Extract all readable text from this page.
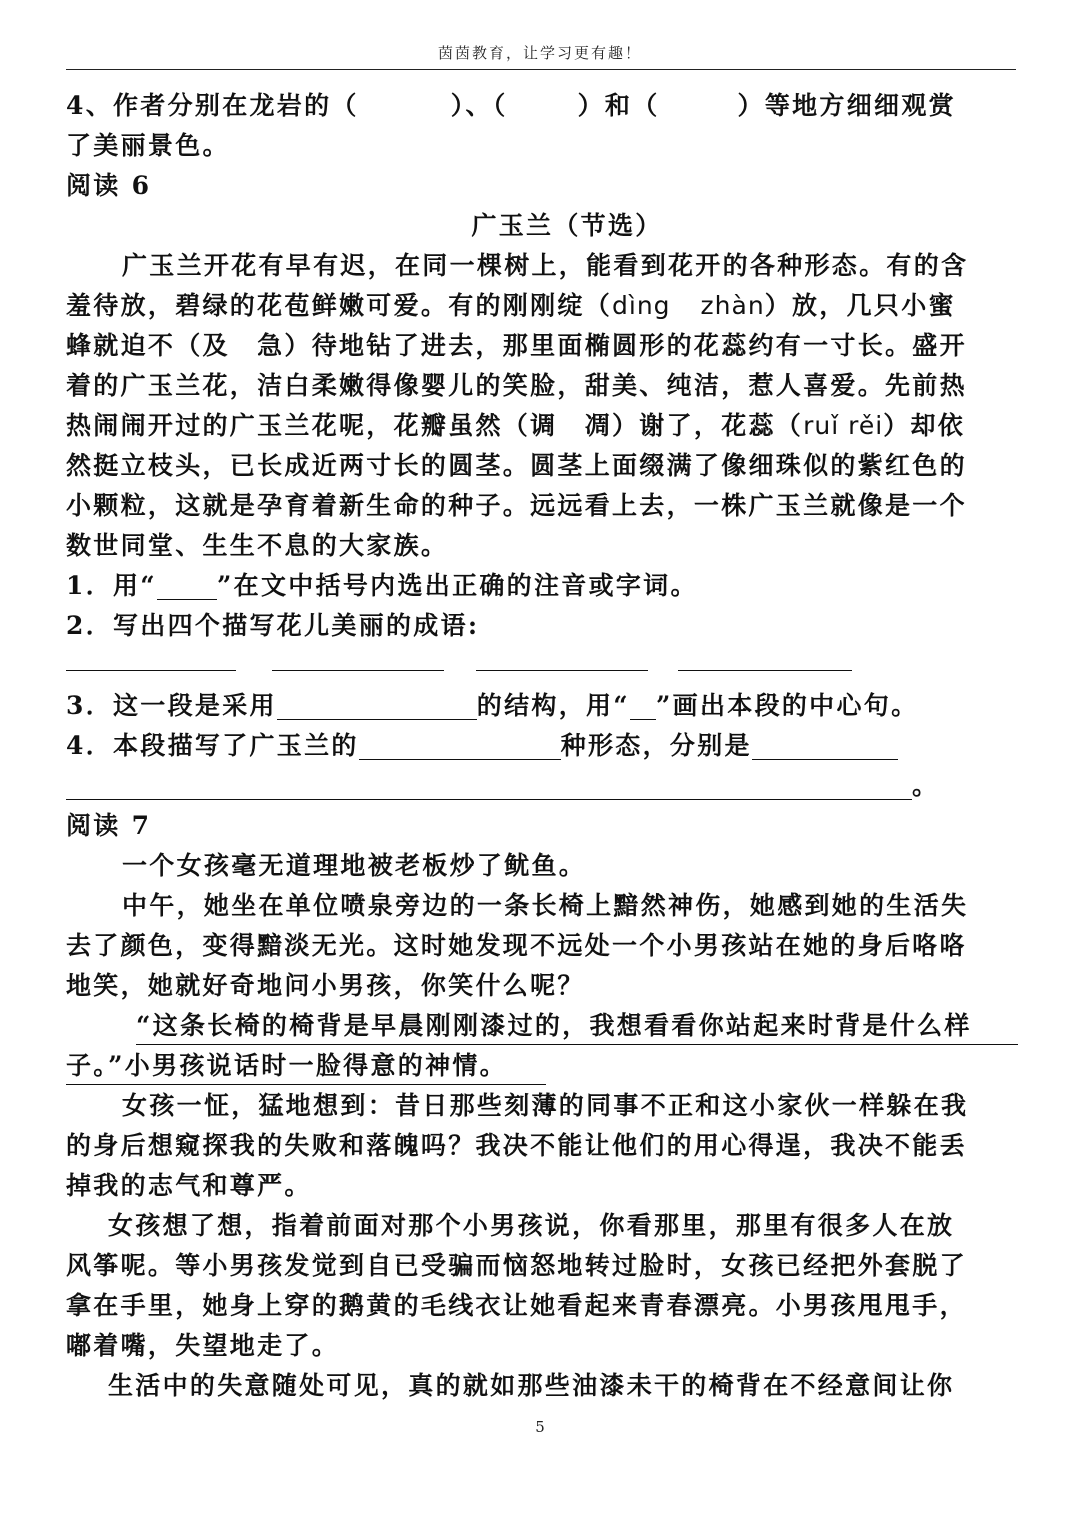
茵茵教育，让学习更有趣！
4、作者分别在龙岩的（	）、（	）和（	）等地方细细观赏
了美丽景色。
阅读 6
广玉兰（节选）
广玉兰开花有早有迟，在同一棵树上，能看到花开的各种形态。有的含
羞待放，碧绿的花苞鲜嫩可爱。有的刚刚绽（dìng zhàn）放，几只小蜜
蜂就迫不（及　急）待地钻了进去，那里面椭圆形的花蕊约有一寸长。盛开
着的广玉兰花，洁白柔嫩得像婴儿的笑脸，甜美、纯洁，惹人喜爱。先前热
热闹闹开过的广玉兰花呢，花瓣虽然（调　凋）谢了，花蕊（ruǐ rěi）却依
然挺立枝头，已长成近两寸长的圆茎。圆茎上面缀满了像细珠似的紫红色的
小颗粒，这就是孕育着新生命的种子。远远看上去，一株广玉兰就像是一个
数世同堂、生生不息的大家族。
1．用“ ”在文中括号内选出正确的注音或字词。
2．写出四个描写花儿美丽的成语:
3．这一段是采用	的结构，用“ ”画出本段的中心句。
4．本段描写了广玉兰的	种形态，分别是
。
阅读 7
一个女孩毫无道理地被老板炒了鱿鱼。
中午，她坐在单位喷泉旁边的一条长椅上黯然神伤，她感到她的生活失
去了颜色，变得黯淡无光。这时她发现不远处一个小男孩站在她的身后咯咯
地笑，她就好奇地问小男孩，你笑什么呢？
“这条长椅的椅背是早晨刚刚漆过的，我想看看你站起来时背是什么样
子。”小男孩说话时一脸得意的神情。
女孩一怔，猛地想到：昔日那些刻薄的同事不正和这小家伙一样躲在我
的身后想窥探我的失败和落魄吗？我决不能让他们的用心得逞，我决不能丢
掉我的志气和尊严。
女孩想了想，指着前面对那个小男孩说，你看那里，那里有很多人在放
风筝呢。等小男孩发觉到自已受骗而恼怒地转过脸时，女孩已经把外套脱了
拿在手里，她身上穿的鹅黄的毛线衣让她看起来青春漂亮。小男孩甩甩手，
嘟着嘴，失望地走了。
生活中的失意随处可见，真的就如那些油漆未干的椅背在不经意间让你
5
